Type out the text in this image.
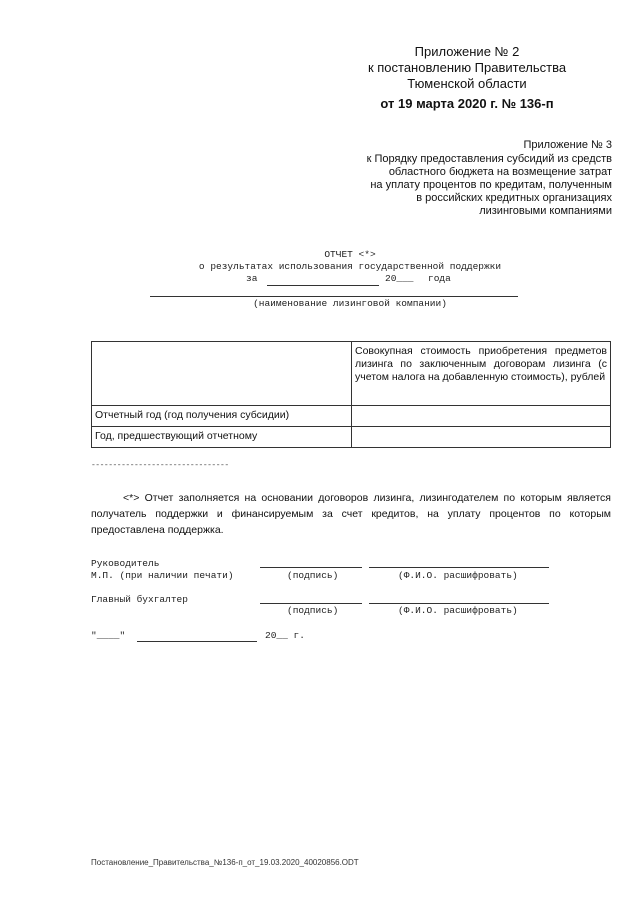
Приложение № 2
к постановлению Правительства
Тюменской области
от 19 марта 2020 г. № 136-п
Приложение № 3
к Порядку предоставления субсидий из средств
областного бюджета на возмещение затрат
на уплату процентов по кредитам, полученным
в российских кредитных организациях
лизинговыми компаниями
ОТЧЕТ <*>
о результатах использования государственной поддержки
за	20___ года
(наименование лизинговой компании)
	Совокупная стоимость приобретения предметов лизинга по заключенным договорам лизинга (с учетом налога на добавленную стоимость), рублей
Отчетный год (год получения субсидии)	
Год, предшествующий отчетному	
--------------------------------
<*> Отчет заполняется на основании договоров лизинга, лизингодателем по которым является получатель поддержки и финансируемым за счет кредитов, на уплату процентов по которым предоставлена поддержка.
Руководитель
М.П. (при наличии печати)	(подпись)	(Ф.И.О. расшифровать)
Главный бухгалтер
(подпись)	(Ф.И.О. расшифровать)
"____"	20__ г.
Постановление_Правительства_№136-п_от_19.03.2020_40020856.ODT
